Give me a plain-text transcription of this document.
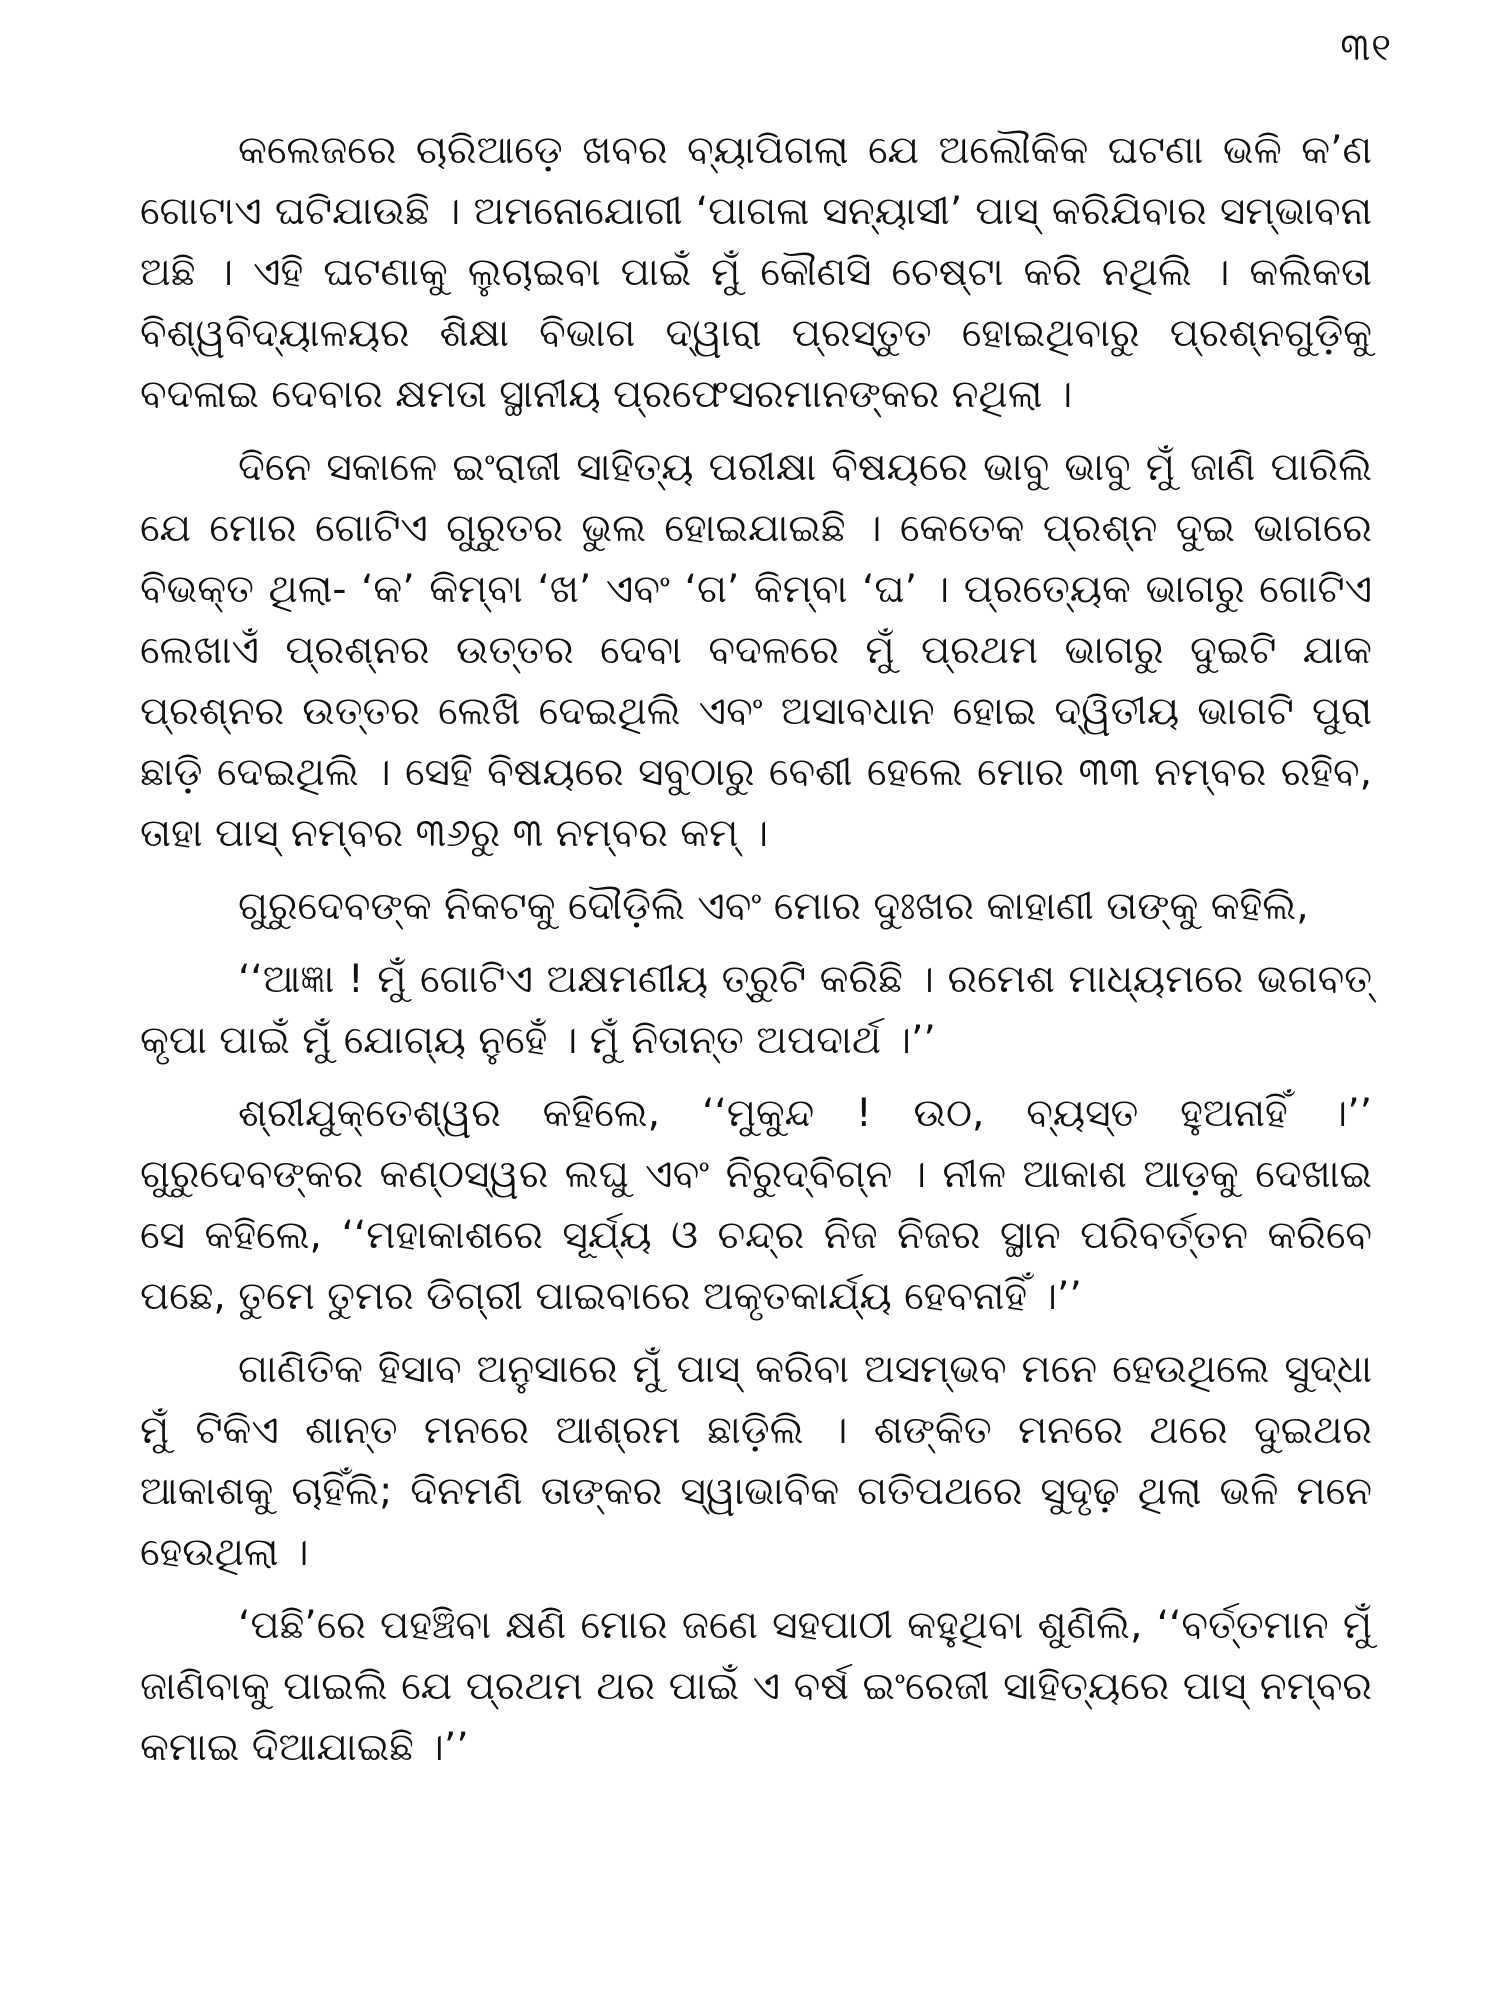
୩୧

କଲେଜରେ ଚାରିଆଡ଼େ ଖବର ବ୍ୟାପିଗଲା ଯେ ଅଲୌକିକ ଘଟଣା ଭଳି କ’ଣ ଗୋଟାଏ ଘଟିଯାଉଛି । ଅମନୋଯୋଗୀ ‘ପାଗଳା ସନ୍ୟାସୀ’ ପାସ୍ କରିଯିବାର ସମ୍ଭାବନା ଅଛି । ଏହି ଘଟଣାକୁ ଲୁଚାଇବା ପାଇଁ ମୁଁ କୌଣସି ଚେଷ୍ଟା କରି ନଥିଲି । କଲିକତା ବିଶ୍ୱବିଦ୍ୟାଳୟର ଶିକ୍ଷା ବିଭାଗ ଦ୍ୱାରା ପ୍ରସ୍ତୁତ ହୋଇଥିବାରୁ ପ୍ରଶ୍ନଗୁଡ଼ିକୁ ବଦଳାଇ ଦେବାର କ୍ଷମତା ସ୍ଥାନୀୟ ପ୍ରଫେସରମାନଙ୍କର ନଥିଲା ।

ଦିନେ ସକାଳେ ଇଂରାଜୀ ସାହିତ୍ୟ ପରୀକ୍ଷା ବିଷୟରେ ଭାବୁ ଭାବୁ ମୁଁ ଜାଣି ପାରିଲି ଯେ ମୋର ଗୋଟିଏ ଗୁରୁତର ଭୁଲ ହୋଇଯାଇଛି । କେତେକ ପ୍ରଶ୍ନ ଦୁଇ ଭାଗରେ ବିଭକ୍ତ ଥିଲା- ‘କ’ କିମ୍ବା ‘ଖ’ ଏବଂ ‘ଗ’ କିମ୍ବା ‘ଘ’ । ପ୍ରତ୍ୟେକ ଭାଗରୁ ଗୋଟିଏ ଲେଖାଏଁ ପ୍ରଶ୍ନର ଉତ୍ତର ଦେବା ବଦଳରେ ମୁଁ ପ୍ରଥମ ଭାଗରୁ ଦୁଇଟି ଯାକ ପ୍ରଶ୍ନର ଉତ୍ତର ଲେଖି ଦେଇଥିଲି ଏବଂ ଅସାବଧାନ ହୋଇ ଦ୍ୱିତୀୟ ଭାଗଟି ପୁରା ଛାଡ଼ି ଦେଇଥିଲି । ସେହି ବିଷୟରେ ସବୁଠାରୁ ବେଶୀ ହେଲେ ମୋର ୩୩ ନମ୍ବର ରହିବ, ତାହା ପାସ୍ ନମ୍ବର ୩୬ରୁ ୩ ନମ୍ବର କମ୍ ।

ଗୁରୁଦେବଙ୍କ ନିକଟକୁ ଦୌଡ଼ିଲି ଏବଂ ମୋର ଦୁଃଖର କାହାଣୀ ତାଙ୍କୁ କହିଲି,

‘‘ଆଜ୍ଞା ! ମୁଁ ଗୋଟିଏ ଅକ୍ଷମଣୀୟ ତ୍ରୁଟି କରିଛି । ରମେଶ ମାଧ୍ୟମରେ ଭଗବତ୍ କୃପା ପାଇଁ ମୁଁ ଯୋଗ୍ୟ ନୁହେଁ । ମୁଁ ନିତାନ୍ତ ଅପଦାର୍ଥ ।’’

ଶ୍ରୀଯୁକ୍ତେଶ୍ୱର କହିଲେ, ‘‘ମୁକୁନ୍ଦ ! ଉଠ, ବ୍ୟସ୍ତ ହୁଅନାହିଁ ।’’ ଗୁରୁଦେବଙ୍କର କଣ୍ଠସ୍ୱର ଲଘୁ ଏବଂ ନିରୁଦ୍‌ବିଗ୍ନ । ନୀଳ ଆକାଶ ଆଡ଼କୁ ଦେଖାଇ ସେ କହିଲେ, ‘‘ମହାକାଶରେ ସୂର୍ଯ୍ୟ ଓ ଚନ୍ଦ୍ର ନିଜ ନିଜର ସ୍ଥାନ ପରିବର୍ତ୍ତନ କରିବେ ପଛେ, ତୁମେ ତୁମର ଡିଗ୍ରୀ ପାଇବାରେ ଅକୃତକାର୍ଯ୍ୟ ହେବନାହିଁ ।’’

ଗାଣିତିକ ହିସାବ ଅନୁସାରେ ମୁଁ ପାସ୍ କରିବା ଅସମ୍ଭବ ମନେ ହେଉଥିଲେ ସୁଦ୍ଧା ମୁଁ ଟିକିଏ ଶାନ୍ତ ମନରେ ଆଶ୍ରମ ଛାଡ଼ିଲି । ଶଙ୍କିତ ମନରେ ଥରେ ଦୁଇଥର ଆକାଶକୁ ଚାହିଁଲି; ଦିନମଣି ତାଙ୍କର ସ୍ୱାଭାବିକ ଗତିପଥରେ ସୁଦୃଢ଼ ଥିଲା ଭଳି ମନେ ହେଉଥିଲା ।

‘ପଛି’ରେ ପହଞ୍ଚିବା କ୍ଷଣି ମୋର ଜଣେ ସହପାଠୀ କହୁଥିବା ଶୁଣିଲି, ‘‘ବର୍ତ୍ତମାନ ମୁଁ ଜାଣିବାକୁ ପାଇଲି ଯେ ପ୍ରଥମ ଥର ପାଇଁ ଏ ବର୍ଷ ଇଂରେଜୀ ସାହିତ୍ୟରେ ପାସ୍ ନମ୍ବର କମାଇ ଦିଆଯାଇଛି ।’’
